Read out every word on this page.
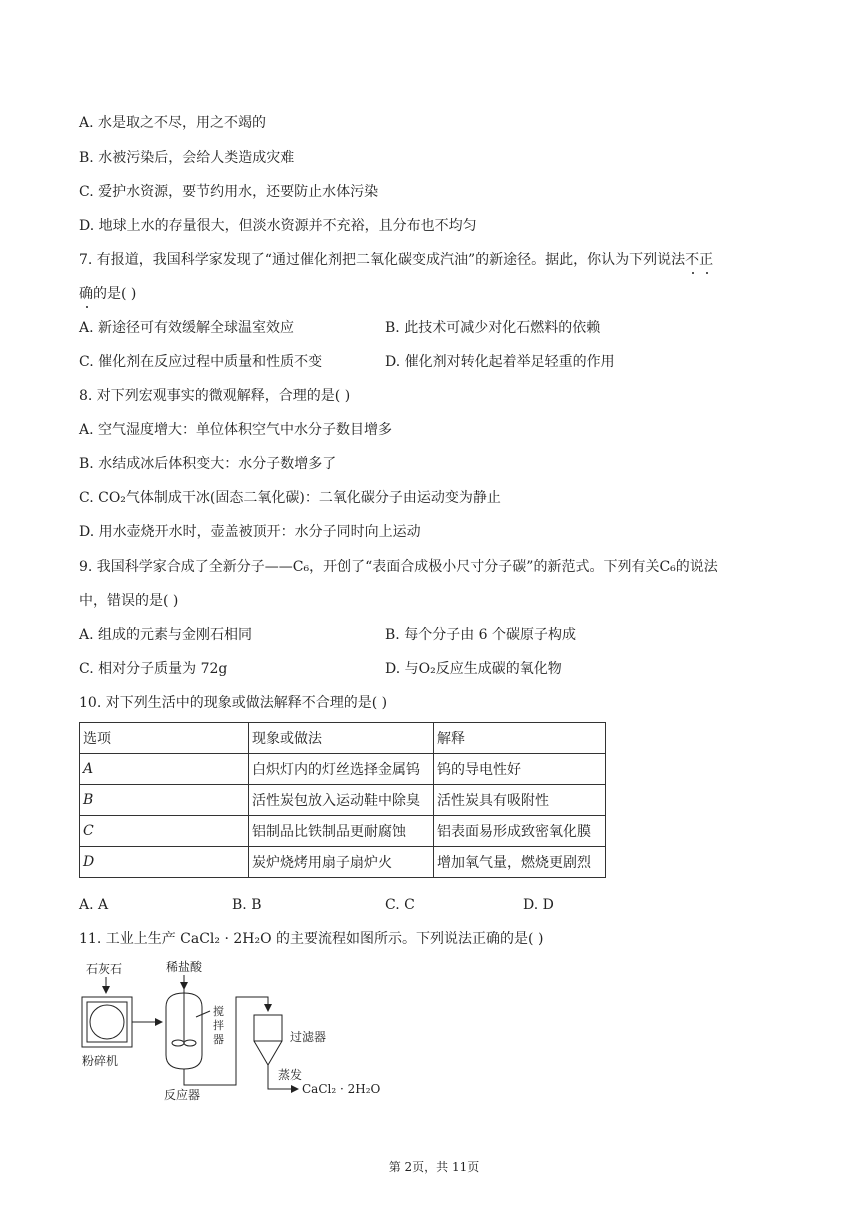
A. 水是取之不尽，用之不竭的
B. 水被污染后，会给人类造成灾难
C. 爱护水资源，要节约用水，还要防止水体污染
D. 地球上水的存量很大，但淡水资源并不充裕，且分布也不均匀
7. 有报道，我国科学家发现了“通过催化剂把二氧化碳变成汽油”的新途径。据此，你认为下列说法不正
确的是( )
A. 新途径可有效缓解全球温室效应	B. 此技术可减少对化石燃料的依赖
C. 催化剂在反应过程中质量和性质不变	D. 催化剂对转化起着举足轻重的作用
8. 对下列宏观事实的微观解释，合理的是( )
A. 空气湿度增大：单位体积空气中水分子数目增多
B. 水结成冰后体积变大：水分子数增多了
C. CO₂气体制成干冰(固态二氧化碳)：二氧化碳分子由运动变为静止
D. 用水壶烧开水时，壶盖被顶开：水分子同时向上运动
9. 我国科学家合成了全新分子——C₆，开创了“表面合成极小尺寸分子碳”的新范式。下列有关C₆的说法
中，错误的是( )
A. 组成的元素与金刚石相同	B. 每个分子由 6 个碳原子构成
C. 相对分子质量为 72g	D. 与O₂反应生成碳的氧化物
10. 对下列生活中的现象或做法解释不合理的是( )
选项	现象或做法	解释
A	白炽灯内的灯丝选择金属钨	钨的导电性好
B	活性炭包放入运动鞋中除臭	活性炭具有吸附性
C	铝制品比铁制品更耐腐蚀	铝表面易形成致密氧化膜
D	炭炉烧烤用扇子扇炉火	增加氧气量，燃烧更剧烈
A. A	B. B	C. C	D. D
11. 工业上生产 CaCl₂ · 2H₂O 的主要流程如图所示。下列说法正确的是( )
石灰石	稀盐酸
粉碎机
搅
拌
器
反应器
过滤器
蒸发
CaCl₂ · 2H₂O
第 2页，共 11页
